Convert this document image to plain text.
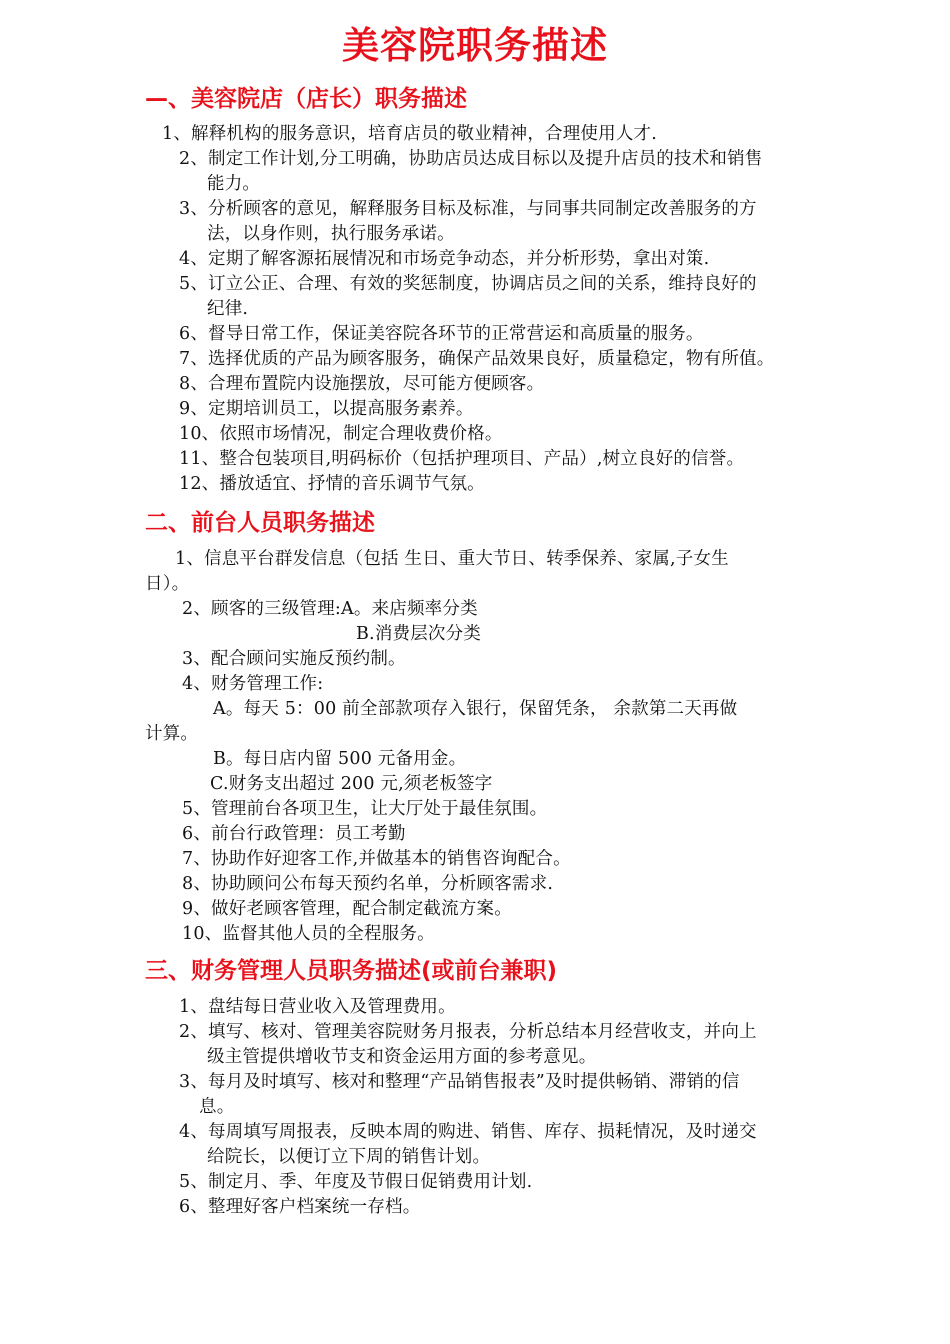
美容院职务描述
—、美容院店（店长）职务描述
1、解释机构的服务意识，培育店员的敬业精神，合理使用人才.
2、制定工作计划,分工明确，协助店员达成目标以及提升店员的技术和销售
能力。
3、分析顾客的意见，解释服务目标及标准，与同事共同制定改善服务的方
法，以身作则，执行服务承诺。
4、定期了解客源拓展情况和市场竞争动态，并分析形势，拿出对策.
5、订立公正、合理、有效的奖惩制度，协调店员之间的关系，维持良好的
纪律.
6、督导日常工作，保证美容院各环节的正常营运和高质量的服务。
7、选择优质的产品为顾客服务，确保产品效果良好，质量稳定，物有所值。
8、合理布置院内设施摆放，尽可能方便顾客。
9、定期培训员工，以提高服务素养。
10、依照市场情况，制定合理收费价格。
11、整合包装项目,明码标价（包括护理项目、产品）,树立良好的信誉。
12、播放适宜、抒情的音乐调节气氛。
二、前台人员职务描述
1、信息平台群发信息（包括 生日、重大节日、转季保养、家属,子女生
日）。
2、顾客的三级管理:A。来店频率分类
B.消费层次分类
3、配合顾问实施反预约制。
4、财务管理工作:
A。每天 5：00 前全部款项存入银行，保留凭条， 余款第二天再做
计算。
B。每日店内留 500 元备用金。
C.财务支出超过 200 元,须老板签字
5、管理前台各项卫生，让大厅处于最佳氛围。
6、前台行政管理：员工考勤
7、协助作好迎客工作,并做基本的销售咨询配合。
8、协助顾问公布每天预约名单，分析顾客需求.
9、做好老顾客管理，配合制定截流方案。
10、监督其他人员的全程服务。
三、财务管理人员职务描述(或前台兼职)
1、盘结每日营业收入及管理费用。
2、填写、核对、管理美容院财务月报表，分析总结本月经营收支，并向上
级主管提供增收节支和资金运用方面的参考意见。
3、每月及时填写、核对和整理“产品销售报表”及时提供畅销、滞销的信
息。
4、每周填写周报表，反映本周的购进、销售、库存、损耗情况，及时递交
给院长，以便订立下周的销售计划。
5、制定月、季、年度及节假日促销费用计划.
6、整理好客户档案统一存档。
